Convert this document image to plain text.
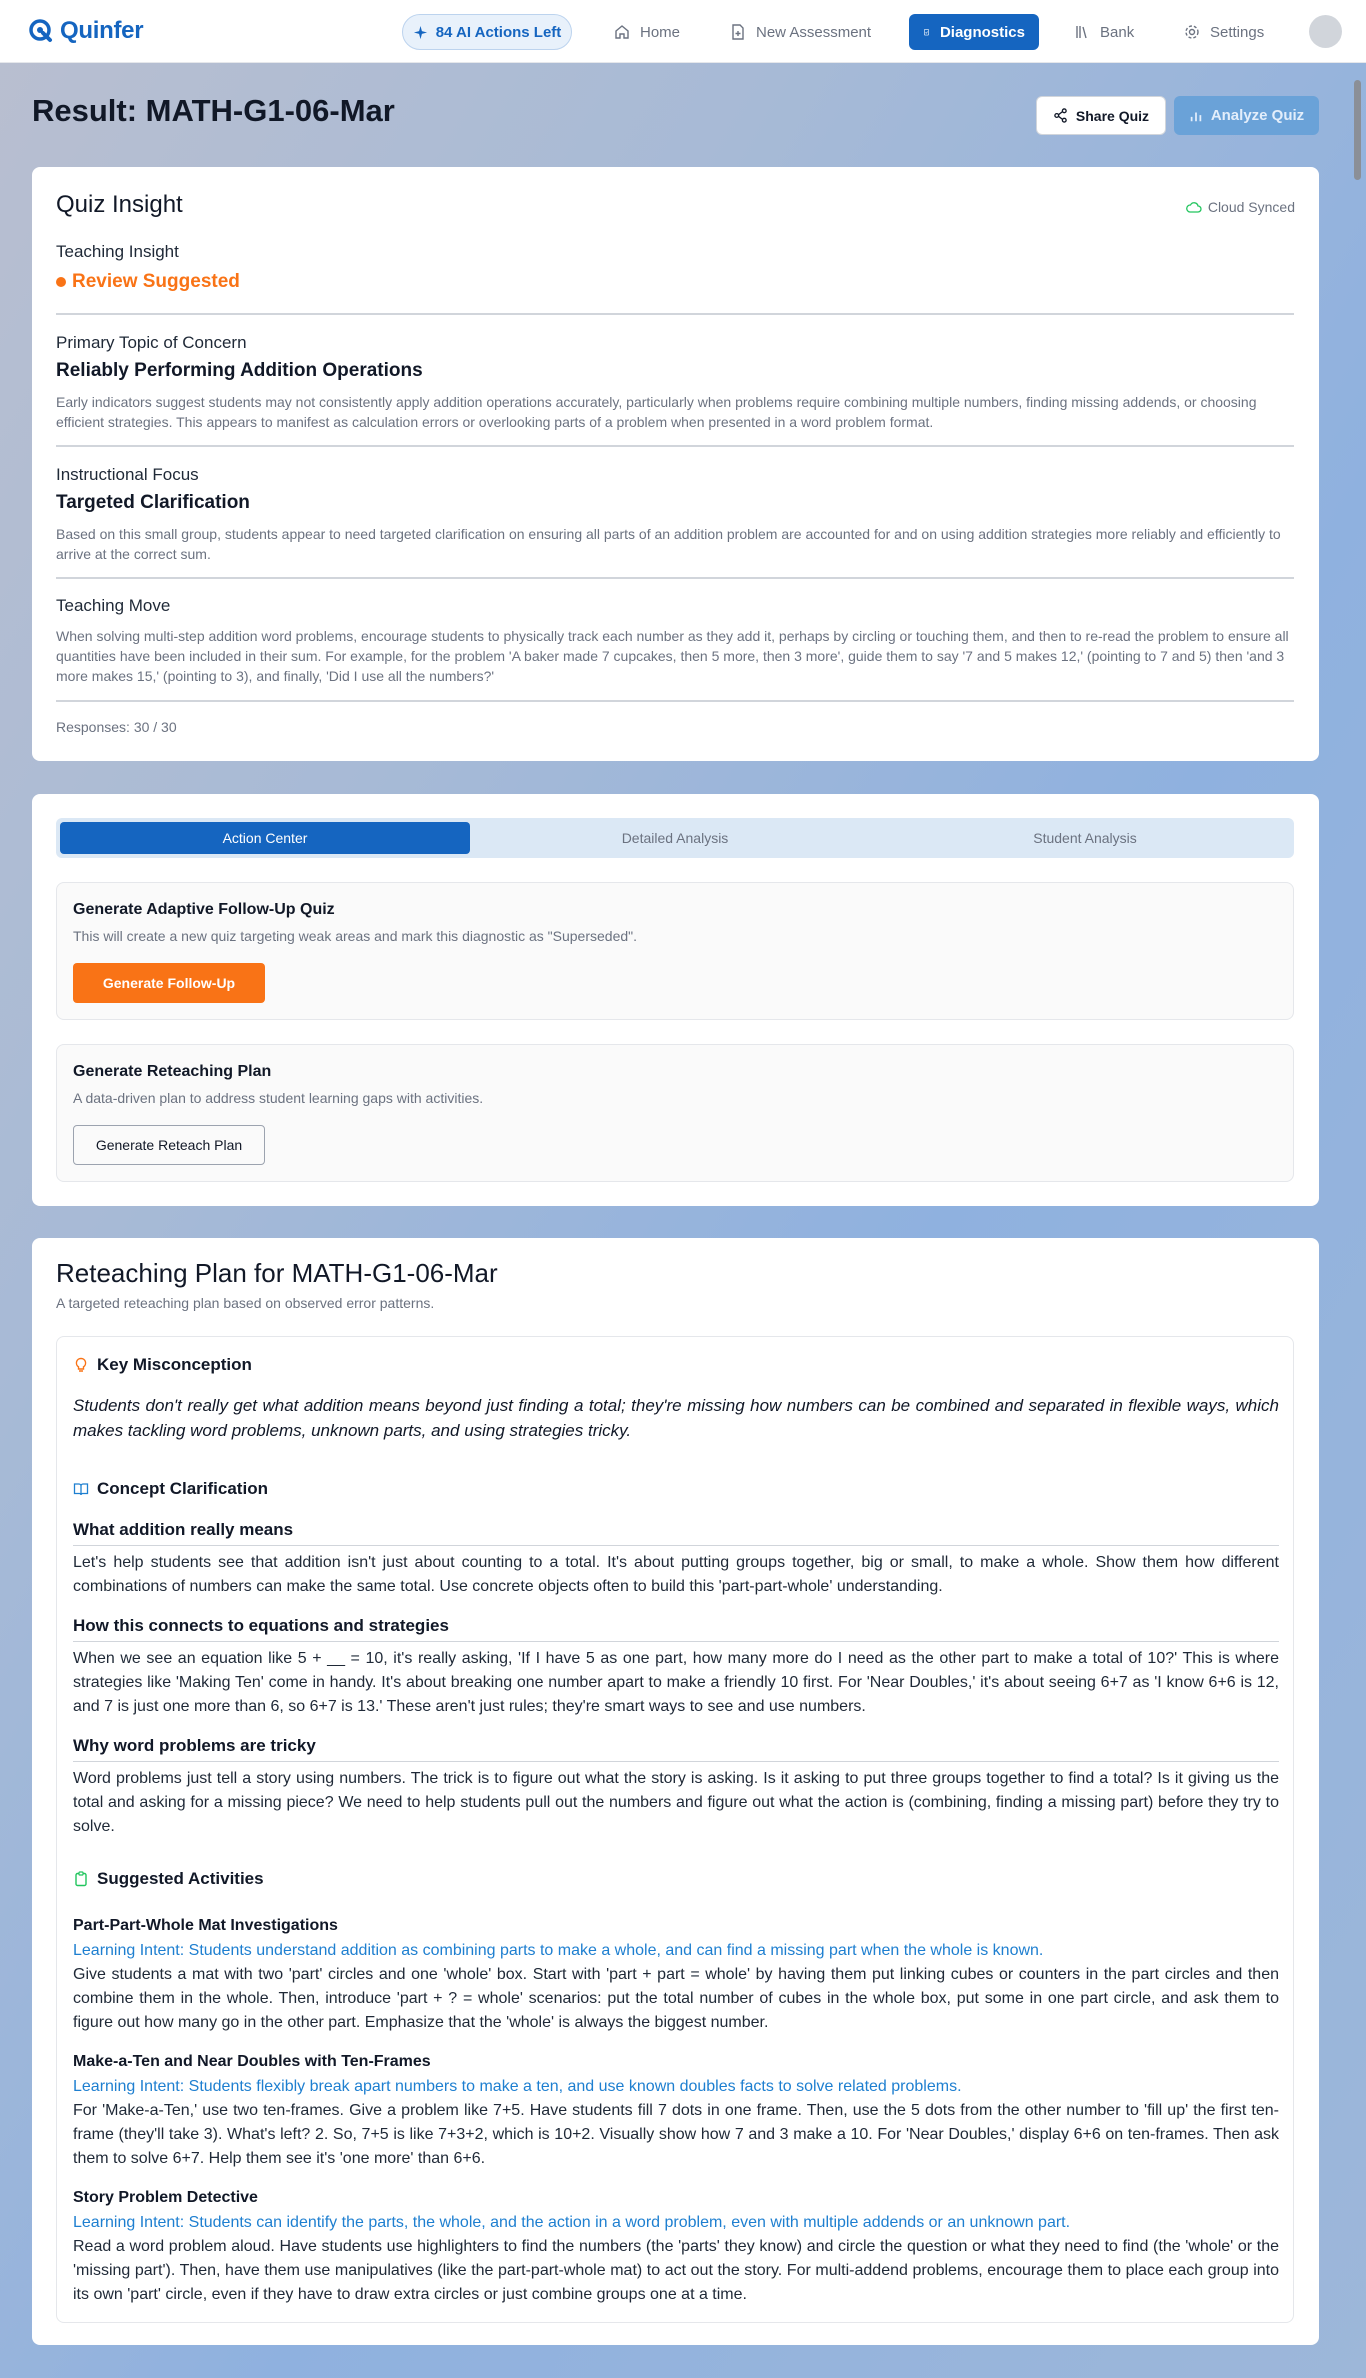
Quinfer	84 AI Actions Left	Home	New Assessment	Diagnostics	Bank	Settings
Result: MATH-G1-06-Mar	Share Quiz	Analyze Quiz
Quiz Insight	Cloud Synced
Teaching Insight
Review Suggested
Primary Topic of Concern
Reliably Performing Addition Operations
Early indicators suggest students may not consistently apply addition operations accurately, particularly when problems require combining multiple numbers, finding missing addends, or choosing efficient strategies. This appears to manifest as calculation errors or overlooking parts of a problem when presented in a word problem format.
Instructional Focus
Targeted Clarification
Based on this small group, students appear to need targeted clarification on ensuring all parts of an addition problem are accounted for and on using addition strategies more reliably and efficiently to arrive at the correct sum.
Teaching Move
When solving multi-step addition word problems, encourage students to physically track each number as they add it, perhaps by circling or touching them, and then to re-read the problem to ensure all quantities have been included in their sum. For example, for the problem 'A baker made 7 cupcakes, then 5 more, then 3 more', guide them to say '7 and 5 makes 12,' (pointing to 7 and 5) then 'and 3 more makes 15,' (pointing to 3), and finally, 'Did I use all the numbers?'
Responses: 30 / 30
Action Center	Detailed Analysis	Student Analysis
Generate Adaptive Follow-Up Quiz

This will create a new quiz targeting weak areas and mark this diagnostic as "Superseded".

Generate Follow-Up
Generate Reteaching Plan

A data-driven plan to address student learning gaps with activities.

Generate Reteach Plan
Reteaching Plan for MATH-G1-06-Mar
A targeted reteaching plan based on observed error patterns.
Key Misconception
Students don't really get what addition means beyond just finding a total; they're missing how numbers can be combined and separated in flexible ways, which makes tackling word problems, unknown parts, and using strategies tricky.
Concept Clarification
What addition really means
Let's help students see that addition isn't just about counting to a total. It's about putting groups together, big or small, to make a whole. Show them how different combinations of numbers can make the same total. Use concrete objects often to build this 'part-part-whole' understanding.
How this connects to equations and strategies
When we see an equation like 5 + __ = 10, it's really asking, 'If I have 5 as one part, how many more do I need as the other part to make a total of 10?' This is where strategies like 'Making Ten' come in handy. It's about breaking one number apart to make a friendly 10 first. For 'Near Doubles,' it's about seeing 6+7 as 'I know 6+6 is 12, and 7 is just one more than 6, so 6+7 is 13.' These aren't just rules; they're smart ways to see and use numbers.
Why word problems are tricky
Word problems just tell a story using numbers. The trick is to figure out what the story is asking. Is it asking to put three groups together to find a total? Is it giving us the total and asking for a missing piece? We need to help students pull out the numbers and figure out what the action is (combining, finding a missing part) before they try to solve.
Suggested Activities
Part-Part-Whole Mat Investigations
Learning Intent: Students understand addition as combining parts to make a whole, and can find a missing part when the whole is known.
Give students a mat with two 'part' circles and one 'whole' box. Start with 'part + part = whole' by having them put linking cubes or counters in the part circles and then combine them in the whole. Then, introduce 'part + ? = whole' scenarios: put the total number of cubes in the whole box, put some in one part circle, and ask them to figure out how many go in the other part. Emphasize that the 'whole' is always the biggest number.
Make-a-Ten and Near Doubles with Ten-Frames
Learning Intent: Students flexibly break apart numbers to make a ten, and use known doubles facts to solve related problems.
For 'Make-a-Ten,' use two ten-frames. Give a problem like 7+5. Have students fill 7 dots in one frame. Then, use the 5 dots from the other number to 'fill up' the first ten-frame (they'll take 3). What's left? 2. So, 7+5 is like 7+3+2, which is 10+2. Visually show how 7 and 3 make a 10. For 'Near Doubles,' display 6+6 on ten-frames. Then ask them to solve 6+7. Help them see it's 'one more' than 6+6.
Story Problem Detective
Learning Intent: Students can identify the parts, the whole, and the action in a word problem, even with multiple addends or an unknown part.
Read a word problem aloud. Have students use highlighters to find the numbers (the 'parts' they know) and circle the question or what they need to find (the 'whole' or the 'missing part'). Then, have them use manipulatives (like the part-part-whole mat) to act out the story. For multi-addend problems, encourage them to place each group into its own 'part' circle, even if they have to draw extra circles or just combine groups one at a time.
